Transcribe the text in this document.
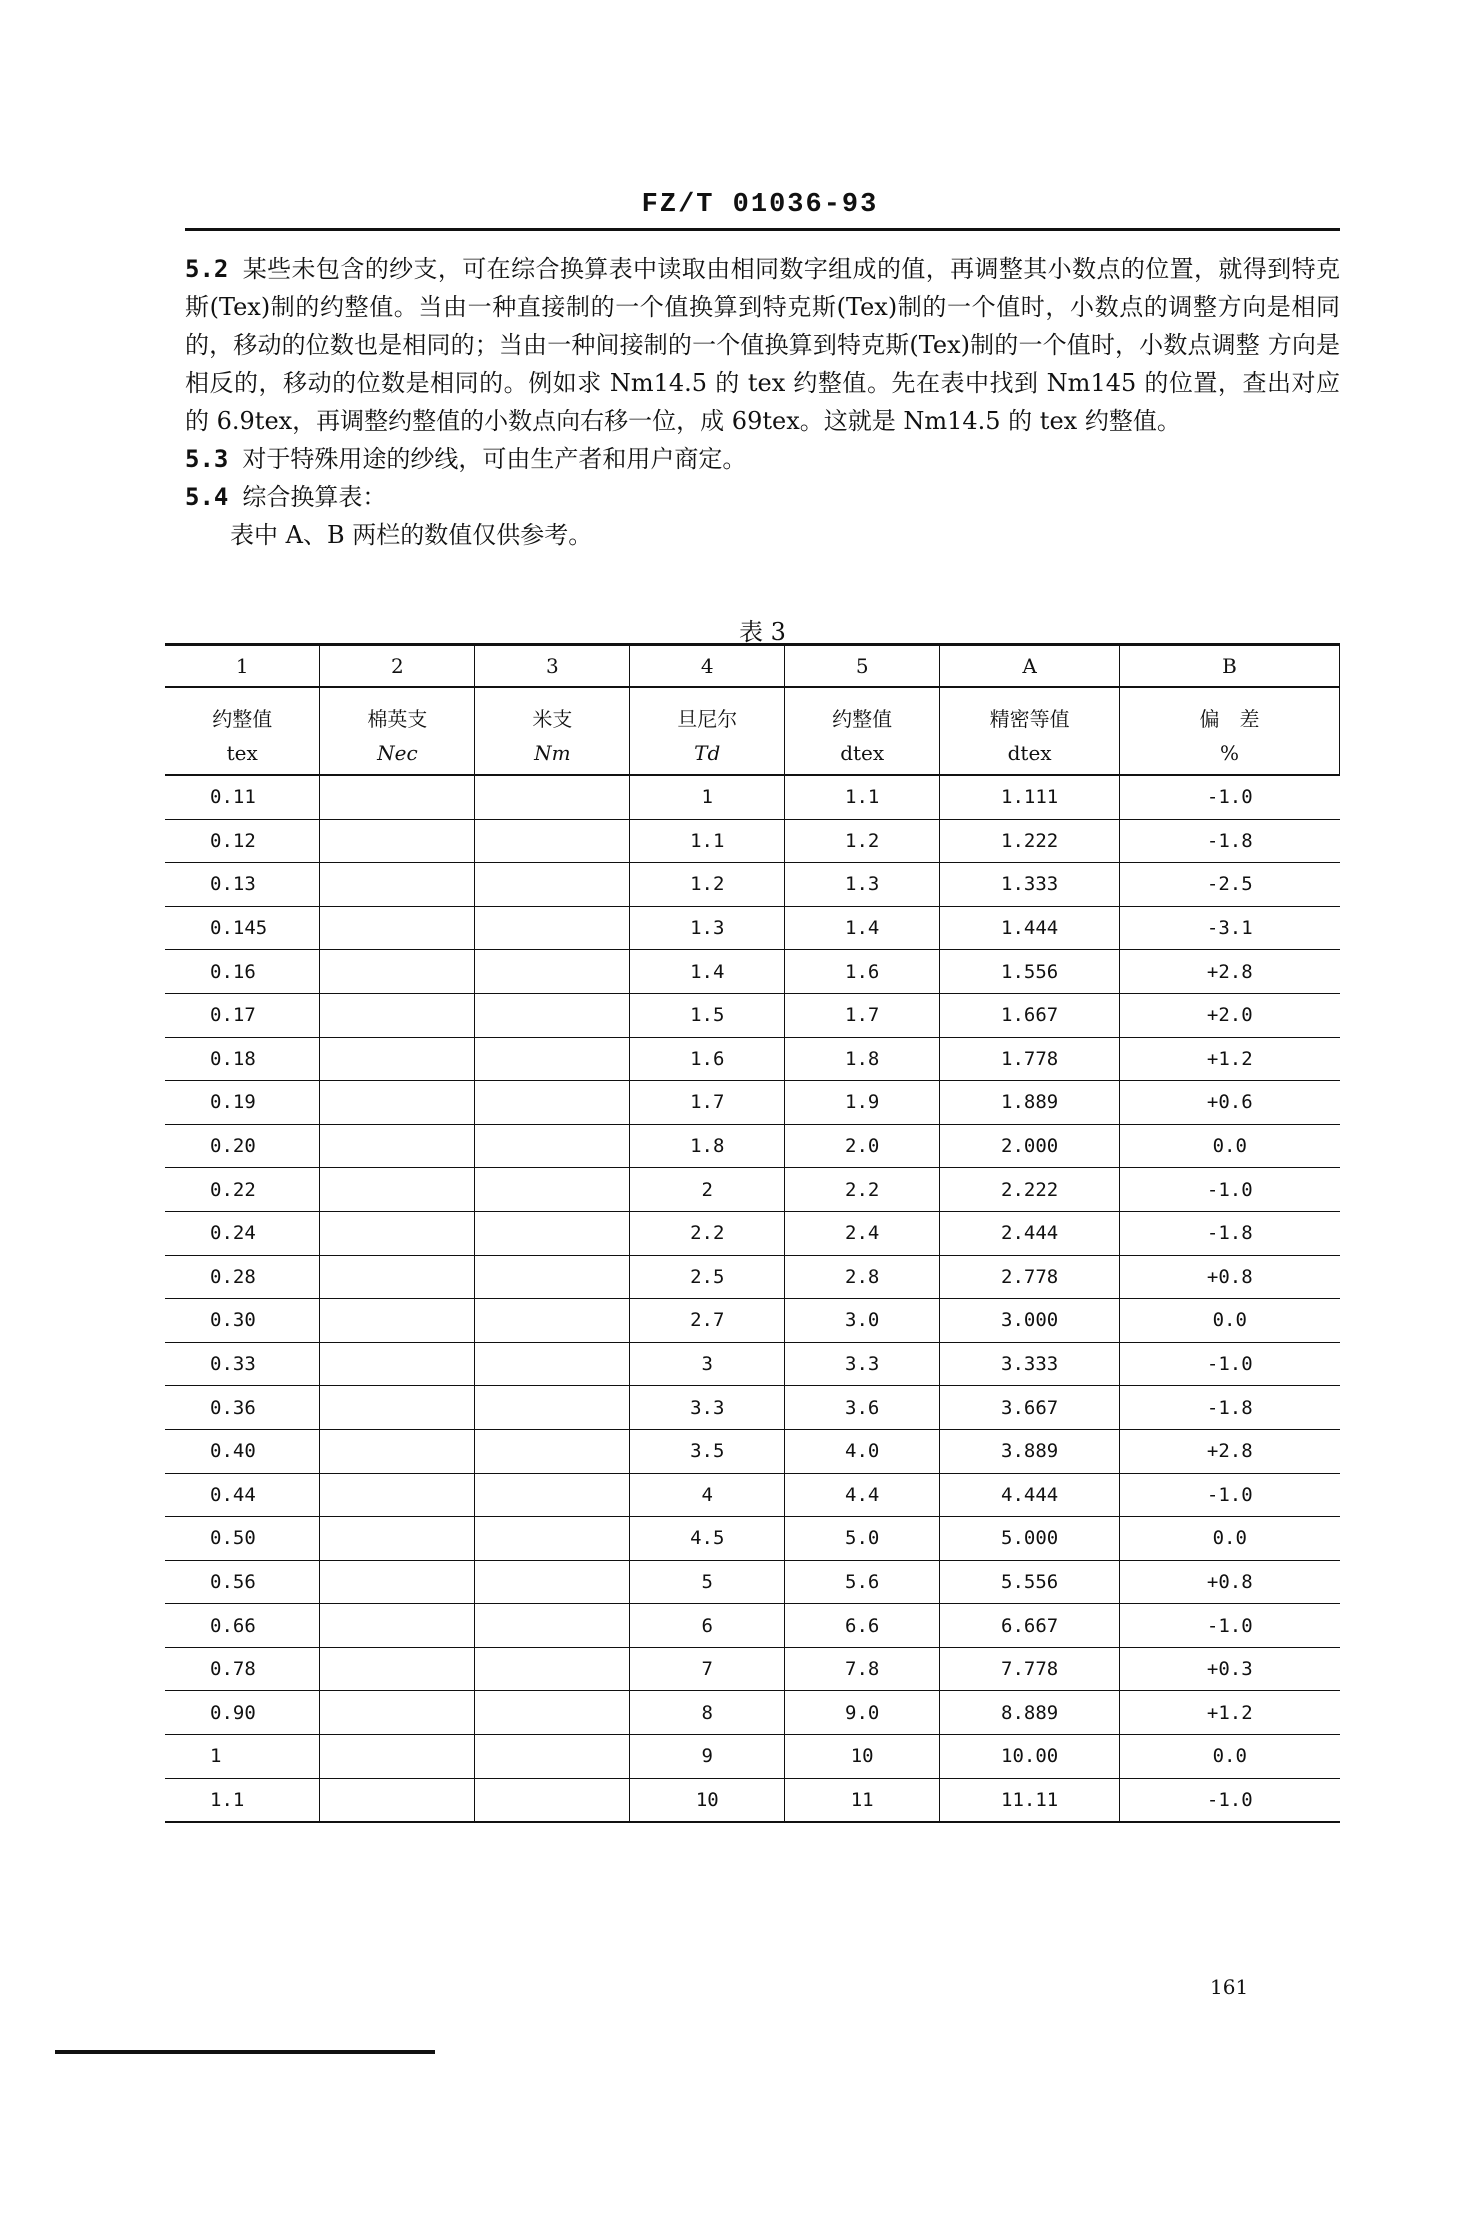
FZ/T 01036-93

5.2 某些未包含的纱支，可在综合换算表中读取由相同数字组成的值，再调整其小数点的位置，就得到特克斯(Tex)制的约整值。当由一种直接制的一个值换算到特克斯(Tex)制的一个值时，小数点的调整方向是相同的，移动的位数也是相同的；当由一种间接制的一个值换算到特克斯(Tex)制的一个值时，小数点调整 方向是相反的，移动的位数是相同的。例如求 Nm14.5 的 tex 约整值。先在表中找到 Nm145 的位置，查出对应的 6.9tex，再调整约整值的小数点向右移一位，成 69tex。这就是 Nm14.5 的 tex 约整值。

5.3 对于特殊用途的纱线，可由生产者和用户商定。

5.4 综合换算表：

表中 A、B 两栏的数值仅供参考。

表 3
1	2	3	4	5	A	B
约整值	棉英支	米支	旦尼尔	约整值	精密等值	偏　差
tex	Nec	Nm	Td	dtex	dtex	%
0.11			1	1.1	1.111	-1.0
0.12			1.1	1.2	1.222	-1.8
0.13			1.2	1.3	1.333	-2.5
0.145			1.3	1.4	1.444	-3.1
0.16			1.4	1.6	1.556	+2.8
0.17			1.5	1.7	1.667	+2.0
0.18			1.6	1.8	1.778	+1.2
0.19			1.7	1.9	1.889	+0.6
0.20			1.8	2.0	2.000	0.0
0.22			2	2.2	2.222	-1.0
0.24			2.2	2.4	2.444	-1.8
0.28			2.5	2.8	2.778	+0.8
0.30			2.7	3.0	3.000	0.0
0.33			3	3.3	3.333	-1.0
0.36			3.3	3.6	3.667	-1.8
0.40			3.5	4.0	3.889	+2.8
0.44			4	4.4	4.444	-1.0
0.50			4.5	5.0	5.000	0.0
0.56			5	5.6	5.556	+0.8
0.66			6	6.6	6.667	-1.0
0.78			7	7.8	7.778	+0.3
0.90			8	9.0	8.889	+1.2
1			9	10	10.00	0.0
1.1			10	11	11.11	-1.0
161
